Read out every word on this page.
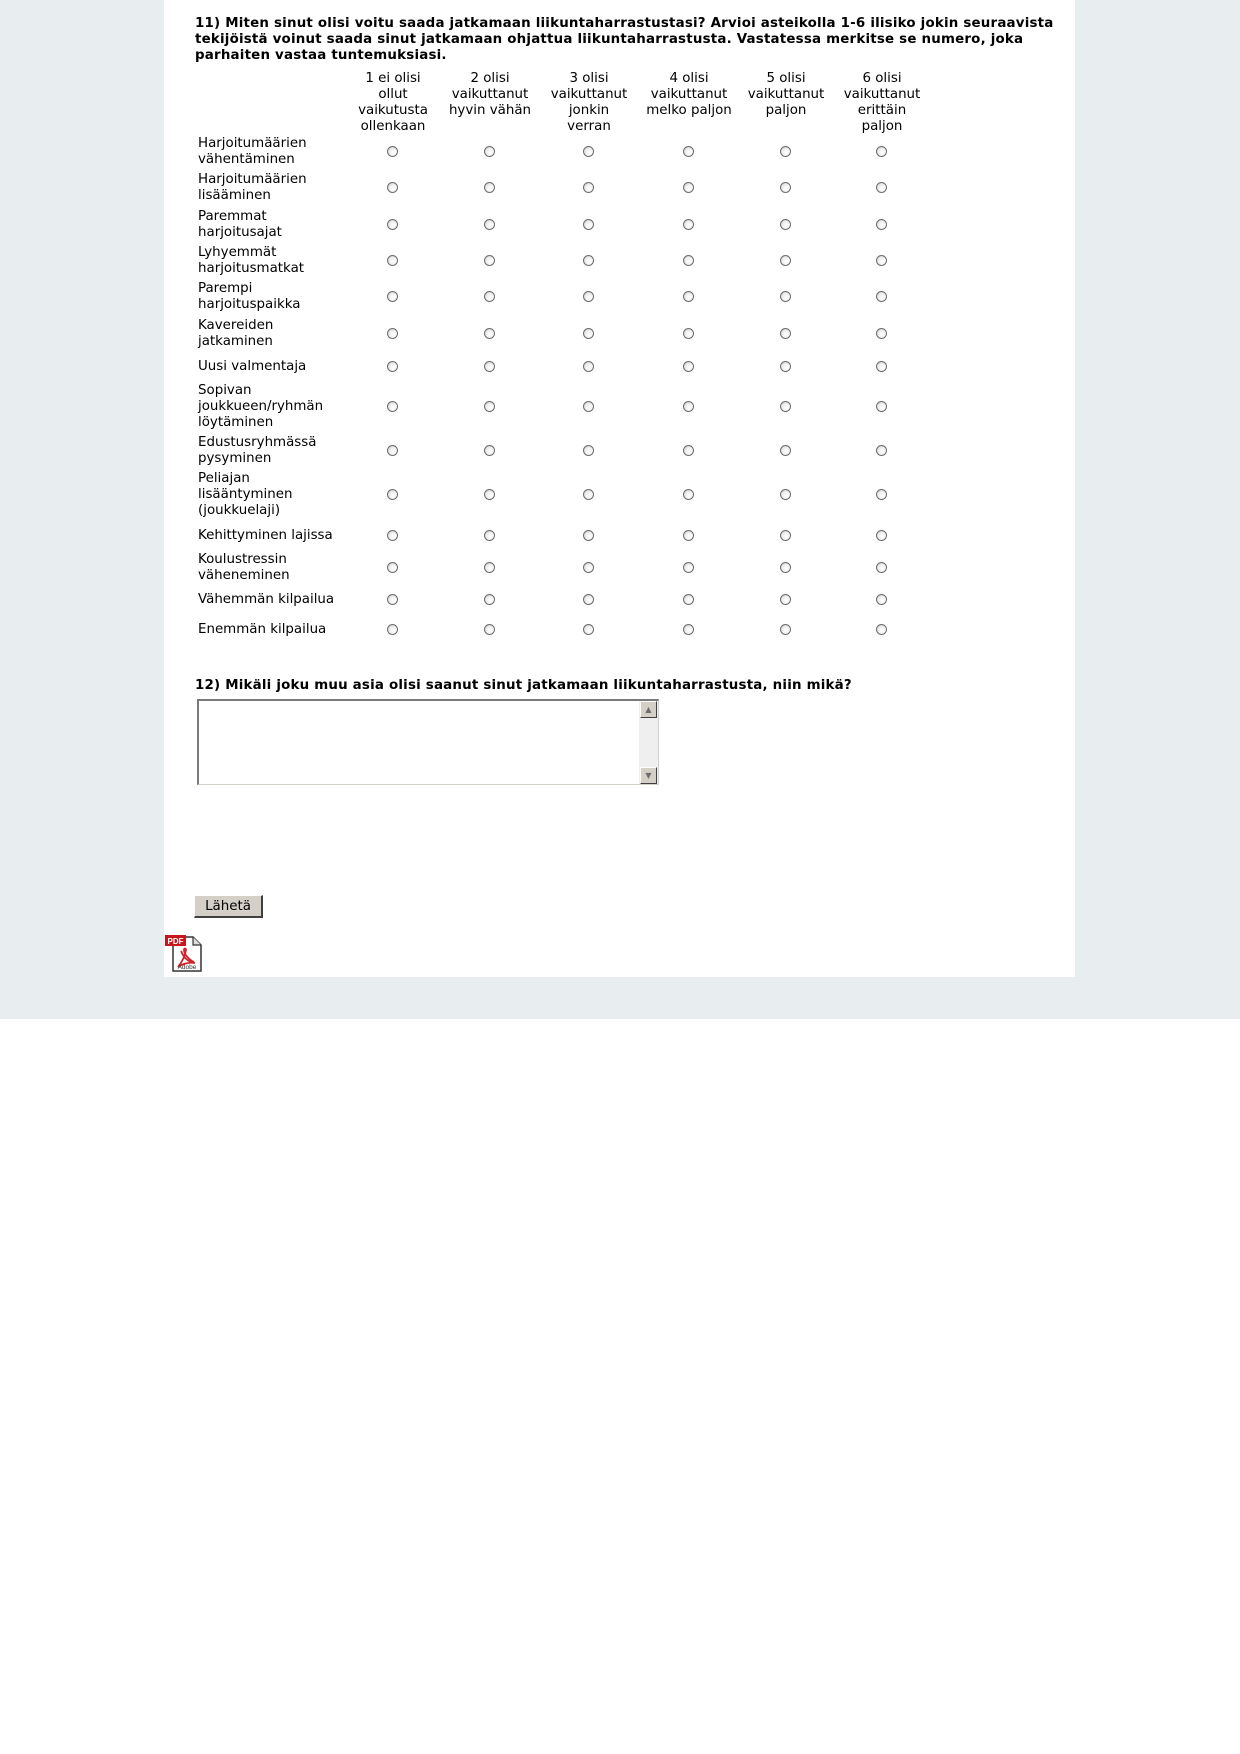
11) Miten sinut olisi voitu saada jatkamaan liikuntaharrastustasi? Arvioi asteikolla 1-6 ilisiko jokin seuraavista tekijöistä voinut saada sinut jatkamaan ohjattua liikuntaharrastusta. Vastatessa merkitse se numero, joka parhaiten vastaa tuntemuksiasi.
1 ei olisi
ollut
vaikutusta
ollenkaan
2 olisi
vaikuttanut
hyvin vähän
3 olisi
vaikuttanut
jonkin
verran
4 olisi
vaikuttanut
melko paljon
5 olisi
vaikuttanut
paljon
6 olisi
vaikuttanut
erittäin
paljon
Harjoitumäärien
vähentäminen
Harjoitumäärien
lisääminen
Paremmat
harjoitusajat
Lyhyemmät
harjoitusmatkat
Parempi
harjoituspaikka
Kavereiden
jatkaminen
Uusi valmentaja
Sopivan
joukkueen/ryhmän
löytäminen
Edustusryhmässä
pysyminen
Peliajan
lisääntyminen
(joukkuelaji)
Kehittyminen lajissa
Koulustressin
väheneminen
Vähemmän kilpailua
Enemmän kilpailua
12) Mikäli joku muu asia olisi saanut sinut jatkamaan liikuntaharrastusta, niin mikä?
▲
▼
Lähetä
PDF
Adobe
